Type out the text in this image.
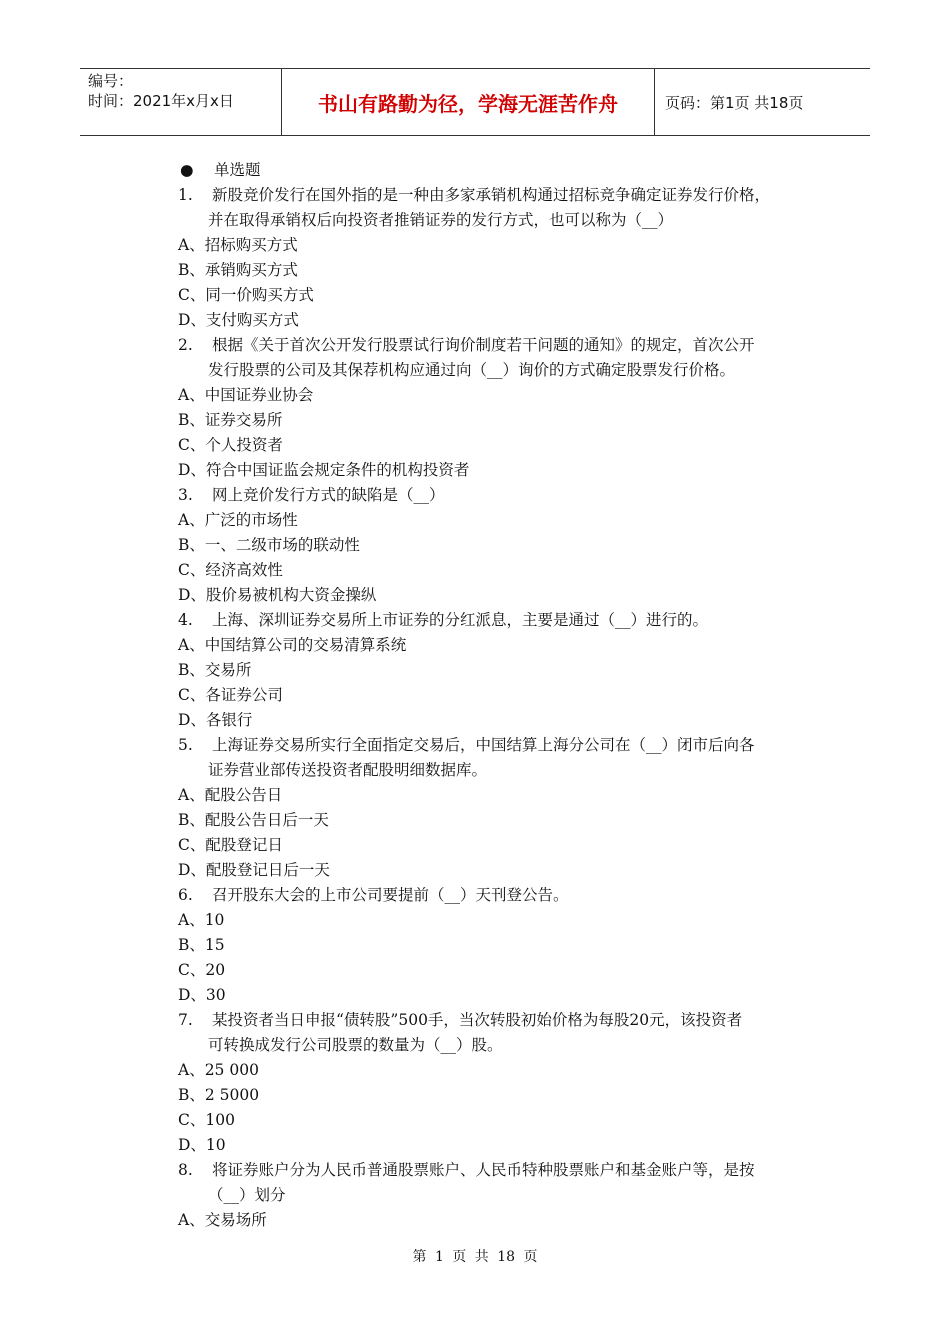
编号：
时间：2021年x月x日	书山有路勤为径，学海无涯苦作舟	页码：第1页 共18页
● 单选题
1. 新股竞价发行在国外指的是一种由多家承销机构通过招标竞争确定证券发行价格，
并在取得承销权后向投资者推销证券的发行方式，也可以称为（__）
A、招标购买方式
B、承销购买方式
C、同一价购买方式
D、支付购买方式
2. 根据《关于首次公开发行股票试行询价制度若干问题的通知》的规定，首次公开
发行股票的公司及其保荐机构应通过向（__）询价的方式确定股票发行价格。
A、中国证券业协会
B、证券交易所
C、个人投资者
D、符合中国证监会规定条件的机构投资者
3. 网上竞价发行方式的缺陷是（__）
A、广泛的市场性
B、一、二级市场的联动性
C、经济高效性
D、股价易被机构大资金操纵
4. 上海、深圳证券交易所上市证券的分红派息，主要是通过（__）进行的。
A、中国结算公司的交易清算系统
B、交易所
C、各证券公司
D、各银行
5. 上海证券交易所实行全面指定交易后，中国结算上海分公司在（__）闭市后向各
证券营业部传送投资者配股明细数据库。
A、配股公告日
B、配股公告日后一天
C、配股登记日
D、配股登记日后一天
6. 召开股东大会的上市公司要提前（__）天刊登公告。
A、10
B、15
C、20
D、30
7. 某投资者当日申报“债转股”500手，当次转股初始价格为每股20元，该投资者
可转换成发行公司股票的数量为（__）股。
A、25 000
B、2 5000
C、100
D、10
8. 将证券账户分为人民币普通股票账户、人民币特种股票账户和基金账户等，是按
（__）划分
A、交易场所
第 1 页 共 18 页
